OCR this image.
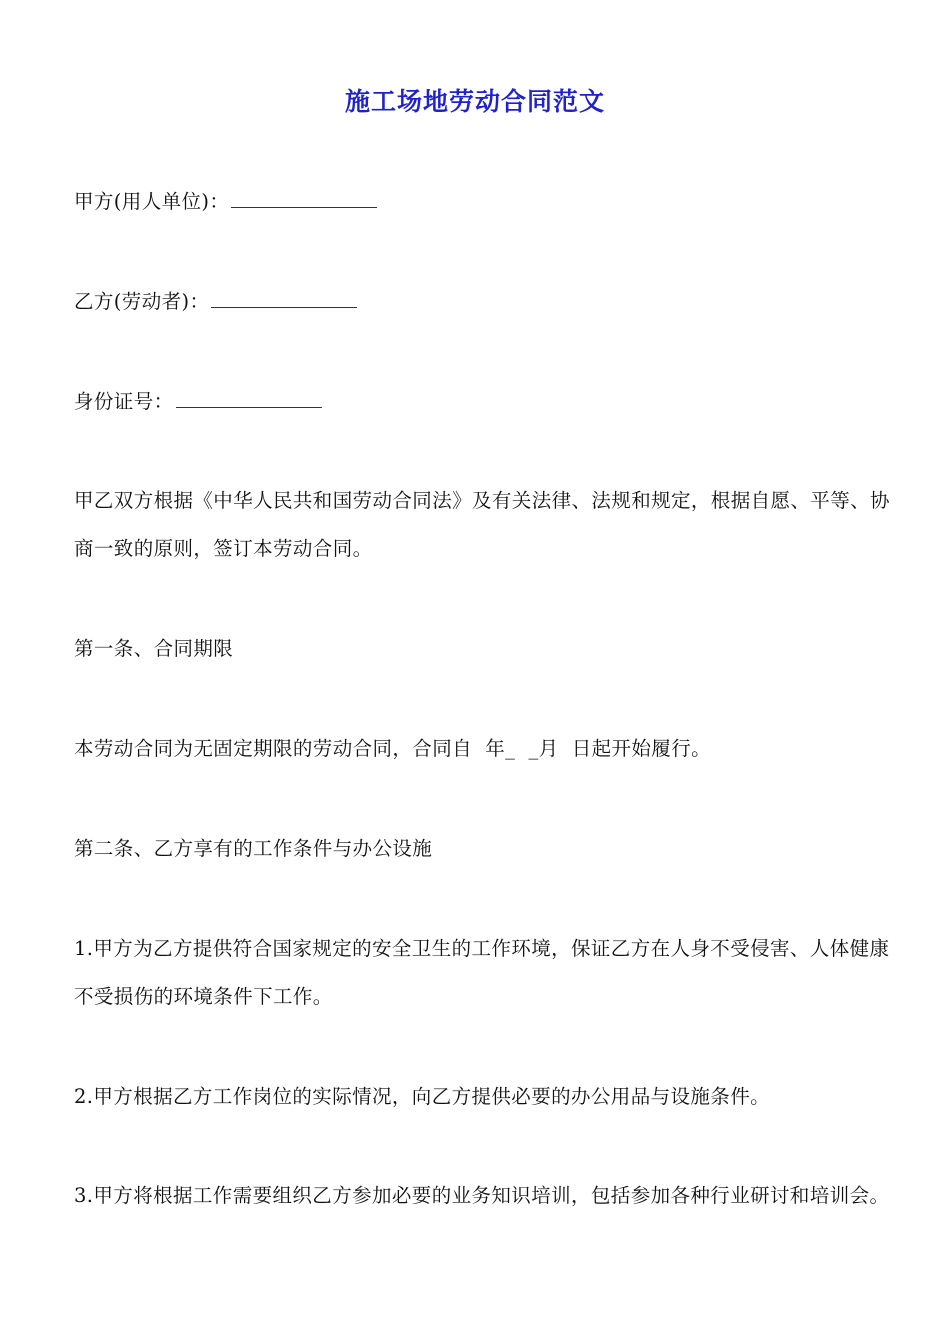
施工场地劳动合同范文
甲方(用人单位)：
乙方(劳动者)：
身份证号：
甲乙双方根据《中华人民共和国劳动合同法》及有关法律、法规和规定，根据自愿、平等、协商一致的原则，签订本劳动合同。
第一条、合同期限
本劳动合同为无固定期限的劳动合同，合同自  年_  _月  日起开始履行。
第二条、乙方享有的工作条件与办公设施
1.甲方为乙方提供符合国家规定的安全卫生的工作环境，保证乙方在人身不受侵害、人体健康不受损伤的环境条件下工作。
2.甲方根据乙方工作岗位的实际情况，向乙方提供必要的办公用品与设施条件。
3.甲方将根据工作需要组织乙方参加必要的业务知识培训，包括参加各种行业研讨和培训会。
